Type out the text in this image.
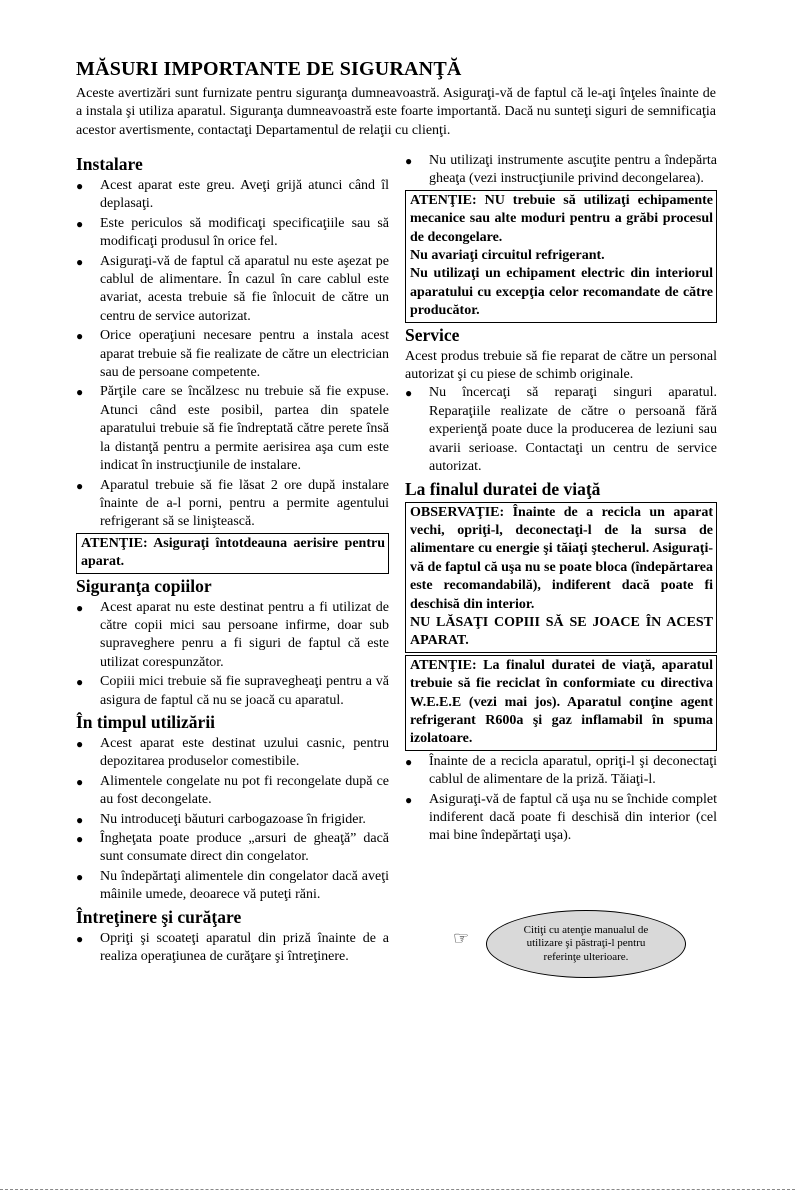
MĂSURI IMPORTANTE DE SIGURANŢĂ

Aceste avertizări sunt furnizate pentru siguranţa dumneavoastră. Asiguraţi-vă de faptul că le-aţi înţeles înainte de a instala şi utiliza aparatul. Siguranţa dumneavoastră este foarte importantă. Dacă nu sunteţi siguri de semnificaţia acestor avertismente, contactaţi Departamentul de relaţii cu clienţi.

Instalare
● Acest aparat este greu. Aveţi grijă atunci când îl deplasaţi.
● Este periculos să modificaţi specificaţiile sau să modificaţi produsul în orice fel.
● Asiguraţi-vă de faptul că aparatul nu este aşezat pe cablul de alimentare. În cazul în care cablul este avariat, acesta trebuie să fie înlocuit de către un centru de service autorizat.
● Orice operaţiuni necesare pentru a instala acest aparat trebuie să fie realizate de către un electrician sau de persoane competente.
● Părţile care se încălzesc nu trebuie să fie expuse. Atunci când este posibil, partea din spatele aparatului trebuie să fie îndreptată către perete însă la distanţă pentru a permite aerisirea aşa cum este indicat în instrucţiunile de instalare.
● Aparatul trebuie să fie lăsat 2 ore după instalare înainte de a-l porni, pentru a permite agentului refrigerant să se liniştească.

ATENŢIE: Asiguraţi întotdeauna aerisire pentru aparat.

Siguranţa copiilor
● Acest aparat nu este destinat pentru a fi utilizat de către copii mici sau persoane infirme, doar sub supraveghere penru a fi siguri de faptul că este utilizat corespunzător.
● Copiii mici trebuie să fie supravegheaţi pentru a vă asigura de faptul că nu se joacă cu aparatul.
În timpul utilizării
● Acest aparat este destinat uzului casnic, pentru depozitarea produselor comestibile.
● Alimentele congelate nu pot fi recongelate după ce au fost decongelate.
● Nu introduceţi băuturi carbogazoase în frigider.
● Îngheţata poate produce „arsuri de gheaţă” dacă sunt consumate direct din congelator.
● Nu îndepărtaţi alimentele din congelator dacă aveţi mâinile umede, deoarece vă puteţi răni.
Întreţinere şi curăţare
● Opriţi şi scoateţi aparatul din priză înainte de a realiza operaţiunea de curăţare şi întreţinere.
● Nu utilizaţi instrumente ascuţite pentru a îndepărta gheaţa (vezi instrucţiunile privind decongelarea).

ATENŢIE: NU trebuie să utilizaţi echipamente mecanice sau alte moduri pentru a grăbi procesul de decongelare.

Nu avariaţi circuitul refrigerant.

Nu utilizaţi un echipament electric din interiorul aparatului cu excepţia celor recomandate de către producător.

Service

Acest produs trebuie să fie reparat de către un personal autorizat şi cu piese de schimb originale.

● Nu încercaţi să reparaţi singuri aparatul. Reparaţiile realizate de către o persoană fără experienţă poate duce la producerea de leziuni sau avarii serioase. Contactaţi un centru de service autorizat.
La finalul duratei de viaţă

OBSERVAŢIE: Înainte de a recicla un aparat vechi, opriţi-l, deconectaţi-l de la sursa de alimentare cu energie şi tăiaţi ştecherul. Asiguraţi-vă de faptul că uşa nu se poate bloca (îndepărtarea este recomandabilă), indiferent dacă poate fi deschisă din interior.

NU LĂSAŢI COPIII SĂ SE JOACE ÎN ACEST APARAT.

ATENŢIE: La finalul duratei de viaţă, aparatul trebuie să fie reciclat în conformiate cu directiva W.E.E.E (vezi mai jos). Aparatul conţine agent refrigerant R600a şi gaz inflamabil în spuma izolatoare.

● Înainte de a recicla aparatul, opriţi-l şi deconectaţi cablul de alimentare de la priză. Tăiaţi-l.
● Asiguraţi-vă de faptul că uşa nu se închide complet indiferent dacă poate fi deschisă din interior (cel mai bine îndepărtaţi uşa).
☞	Citiţi cu atenţie manualul de utilizare şi păstraţi-l pentru referinţe ulterioare.
